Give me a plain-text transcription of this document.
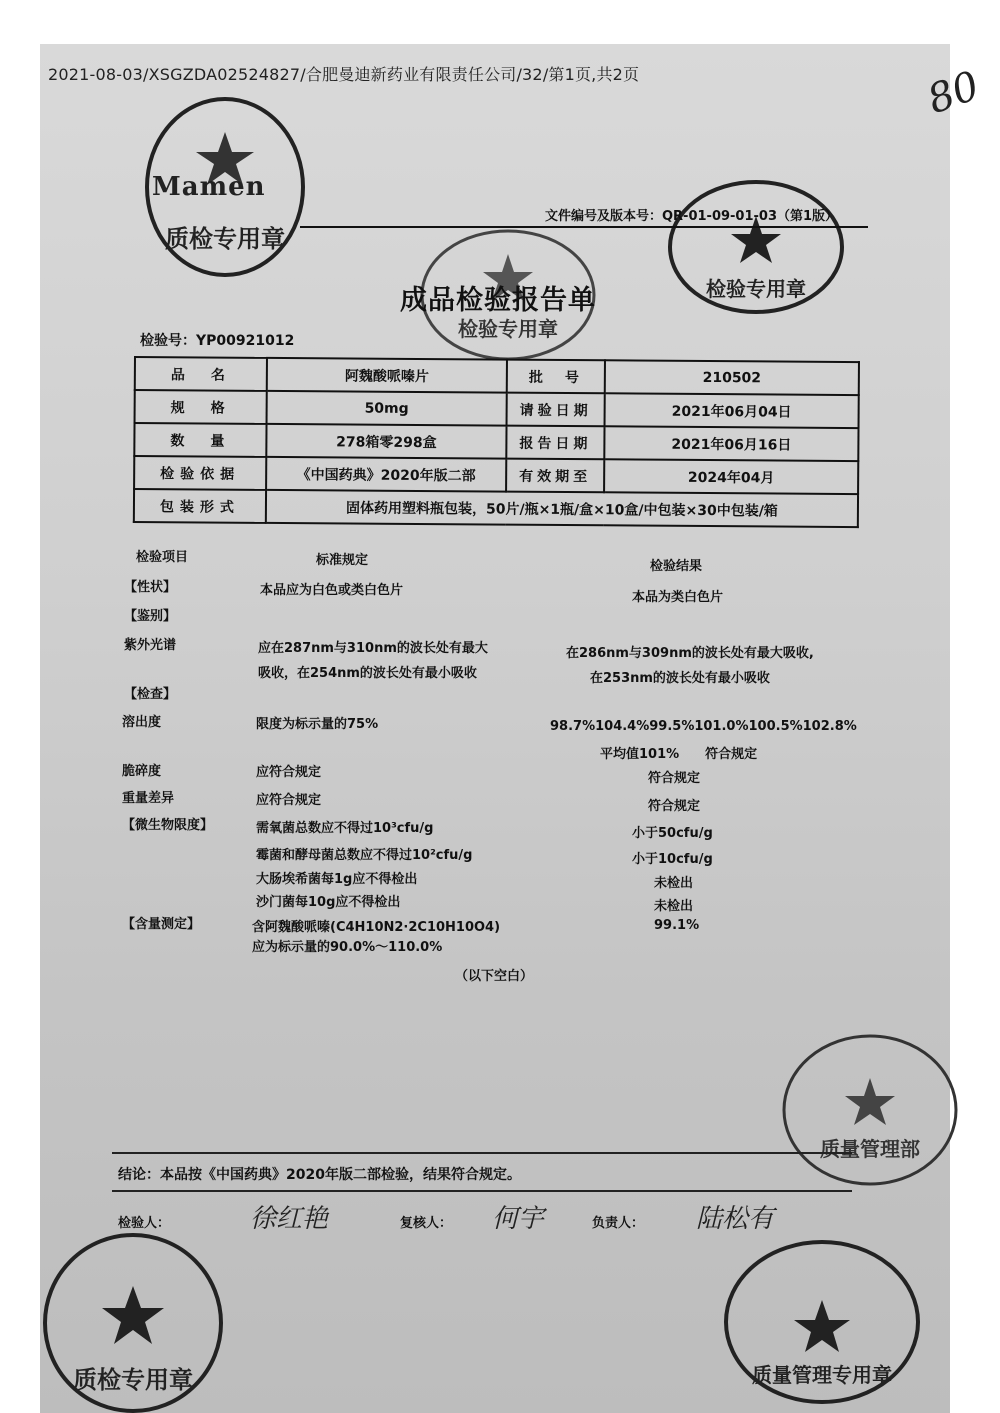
2021-08-03/XSGZDA02524827/合肥曼迪新药业有限责任公司/32/第1页,共2页	80
质检专用章
Mamen
检验专用章
检验专用章
质量管理部
质检专用章	质量管理专用章
文件编号及版本号：QR-01-09-01-03（第1版）
成品检验报告单
检验号：YP00921012
品　名	阿魏酸哌嗪片	批　号	210502
规　格	50mg	请验日期	2021年06月04日
数　量	278箱零298盒	报告日期	2021年06月16日
检验依据	《中国药典》2020年版二部	有效期至	2024年04月
包装形式	固体药用塑料瓶包装，50片/瓶×1瓶/盒×10盒/中包装×30中包装/箱		
检验项目	标准规定	检验结果
【性状】	本品应为白色或类白色片	本品为类白色片
【鉴别】
紫外光谱	应在287nm与310nm的波长处有最大
吸收，在254nm的波长处有最小吸收
在286nm与309nm的波长处有最大吸收,
在253nm的波长处有最小吸收
【检查】
溶出度	限度为标示量的75%	98.7%104.4%99.5%101.0%100.5%102.8%
平均值101%　　符合规定
脆碎度	应符合规定	符合规定
重量差异	应符合规定	符合规定
【微生物限度】	需氧菌总数应不得过10³cfu/g	小于50cfu/g
霉菌和酵母菌总数应不得过10²cfu/g	小于10cfu/g
大肠埃希菌每1g应不得检出	未检出
沙门菌每10g应不得检出	未检出
【含量测定】	含阿魏酸哌嗪(C4H10N2·2C10H10O4)
应为标示量的90.0%～110.0%
99.1%
（以下空白）
结论：本品按《中国药典》2020年版二部检验，结果符合规定。
检验人：	徐红艳	复核人： 何宇	负责人： 陆松有
